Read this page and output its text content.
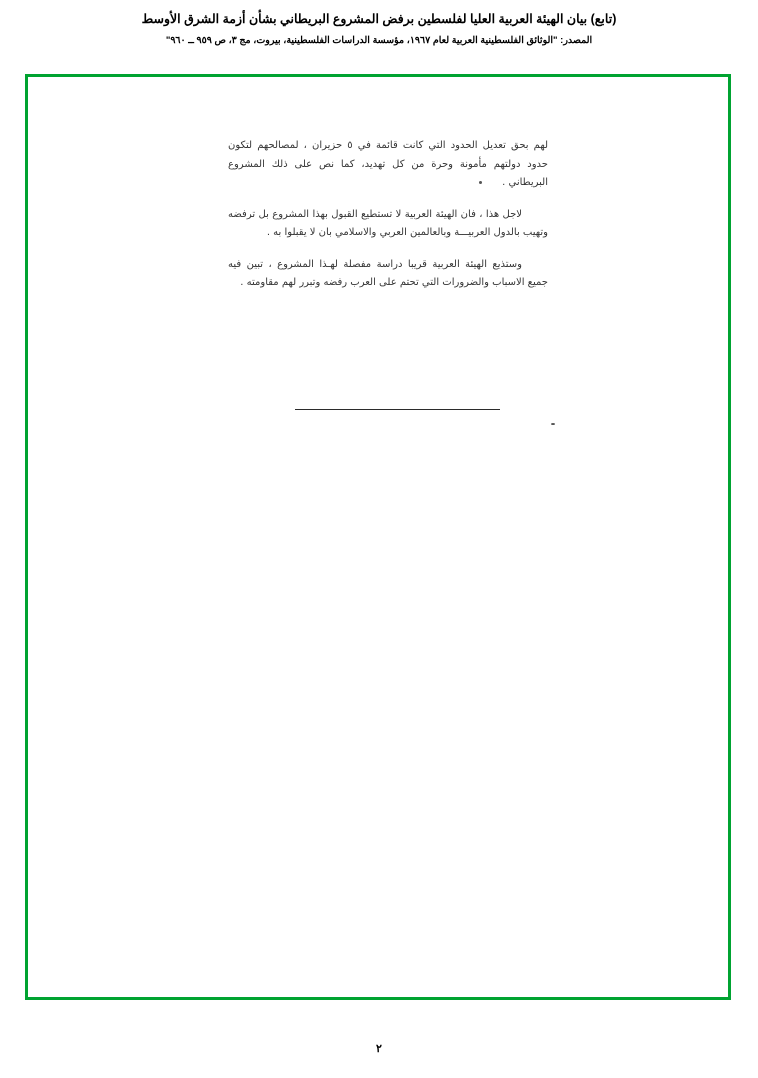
(تابع) بيان الهيئة العربية العليا لفلسطين برفض المشروع البريطاني بشأن أزمة الشرق الأوسط
المصدر: "الوثائق الفلسطينية العربية لعام ١٩٦٧، مؤسسة الدراسات الفلسطينية، بيروت، مج ٣، ص ٩٥٩ ــ ٩٦٠"

لهم بحق تعديل الحدود التي كانت قائمة في ٥ حزيران ، لمصالحهم لتكون حدود دولتهم مأمونة وحرة من كل تهديد، كما نص على ذلك المشروع البريطاني .

لاجل هذا ، فان الهيئة العربية لا تستطيع القبول بهذا المشروع بل ترفضه وتهيب بالدول العربيـــة وبالعالمين العربي والاسلامي بان لا يقبلوا به .

وستذيع الهيئة العربية قريبا دراسة مفصلة لهـذا المشروع ، تبين فيه جميع الاسباب والضرورات التي تحتم على العرب رفضه وتبرر لهم مقاومته .

٢
